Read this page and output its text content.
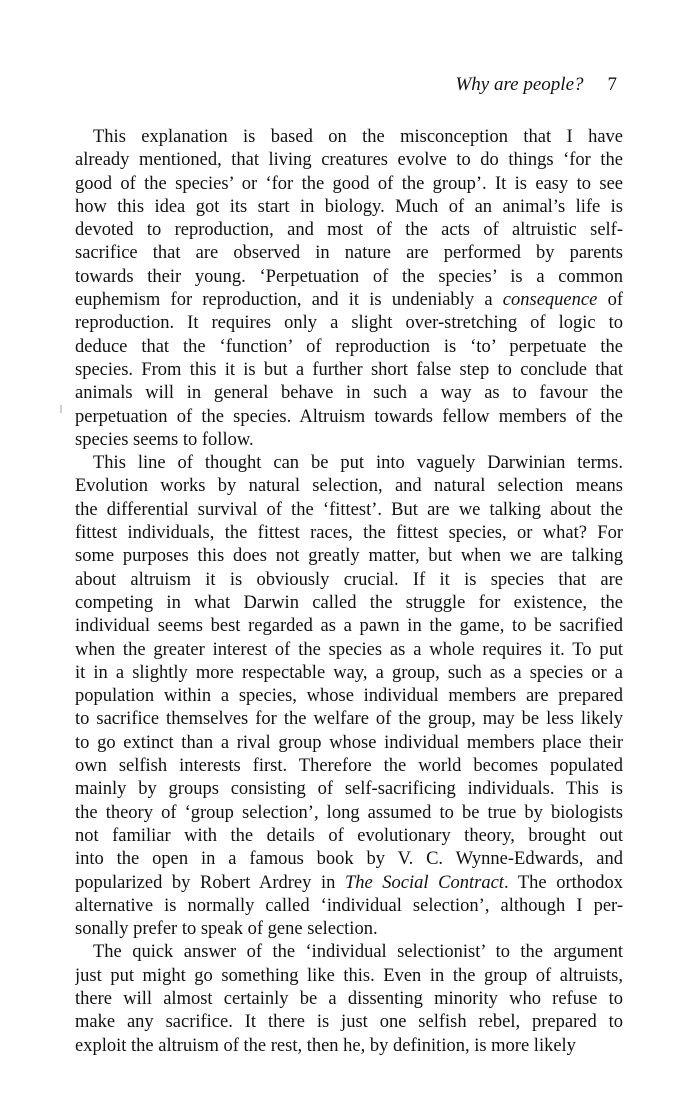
Why are people? 7
This explanation is based on the misconception that I have
already mentioned, that living creatures evolve to do things ‘for the
good of the species’ or ‘for the good of the group’. It is easy to see
how this idea got its start in biology. Much of an animal’s life is
devoted to reproduction, and most of the acts of altruistic self-
sacrifice that are observed in nature are performed by parents
towards their young. ‘Perpetuation of the species’ is a common
euphemism for reproduction, and it is undeniably a consequence of
reproduction. It requires only a slight over-stretching of logic to
deduce that the ‘function’ of reproduction is ‘to’ perpetuate the
species. From this it is but a further short false step to conclude that
animals will in general behave in such a way as to favour the
perpetuation of the species. Altruism towards fellow members of the
species seems to follow.
This line of thought can be put into vaguely Darwinian terms.
Evolution works by natural selection, and natural selection means
the differential survival of the ‘fittest’. But are we talking about the
fittest individuals, the fittest races, the fittest species, or what? For
some purposes this does not greatly matter, but when we are talking
about altruism it is obviously crucial. If it is species that are
competing in what Darwin called the struggle for existence, the
individual seems best regarded as a pawn in the game, to be sacrified
when the greater interest of the species as a whole requires it. To put
it in a slightly more respectable way, a group, such as a species or a
population within a species, whose individual members are prepared
to sacrifice themselves for the welfare of the group, may be less likely
to go extinct than a rival group whose individual members place their
own selfish interests first. Therefore the world becomes populated
mainly by groups consisting of self-sacrificing individuals. This is
the theory of ‘group selection’, long assumed to be true by biologists
not familiar with the details of evolutionary theory, brought out
into the open in a famous book by V. C. Wynne-Edwards, and
popularized by Robert Ardrey in The Social Contract. The orthodox
alternative is normally called ‘individual selection’, although I per-
sonally prefer to speak of gene selection.
The quick answer of the ‘individual selectionist’ to the argument
just put might go something like this. Even in the group of altruists,
there will almost certainly be a dissenting minority who refuse to
make any sacrifice. It there is just one selfish rebel, prepared to
exploit the altruism of the rest, then he, by definition, is more likely
